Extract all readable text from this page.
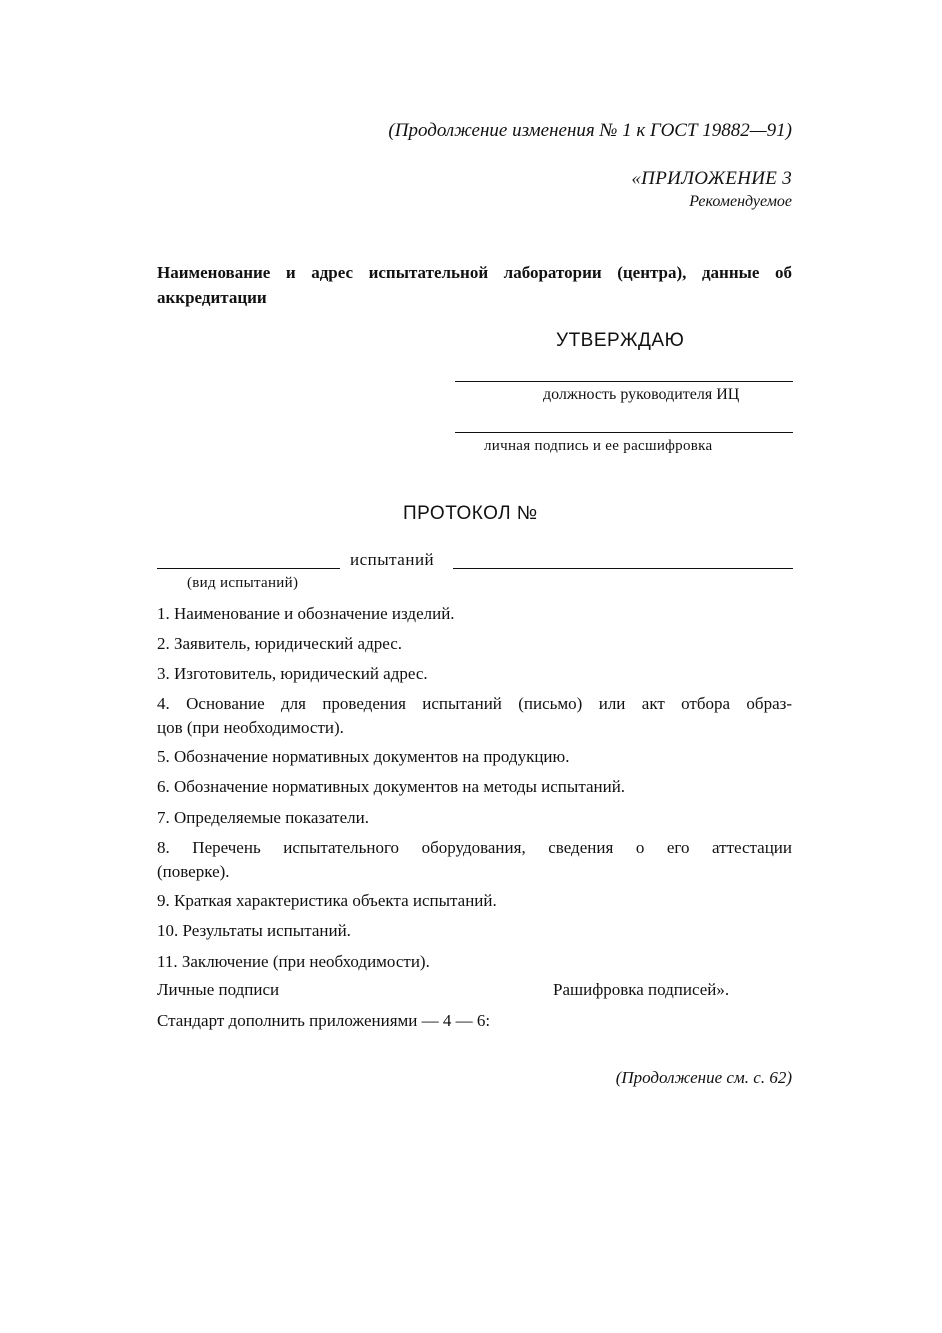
(Продолжение изменения № 1 к ГОСТ 19882—91)
«ПРИЛОЖЕНИЕ 3
Рекомендуемое
Наименование и адрес испытательной лаборатории (центра), данные об аккредитации
УТВЕРЖДАЮ
должность руководителя ИЦ
личная подпись и ее расшифровка
ПРОТОКОЛ №
испытаний
(вид испытаний)
1. Наименование и обозначение изделий.
2. Заявитель, юридический адрес.
3. Изготовитель, юридический адрес.
4. Основание для проведения испытаний (письмо) или акт отбора образ-
цов (при необходимости).
5. Обозначение нормативных документов на продукцию.
6. Обозначение нормативных документов на методы испытаний.
7. Определяемые показатели.
8. Перечень испытательного оборудования, сведения о его аттестации
(поверке).
9. Краткая характеристика объекта испытаний.
10. Результаты испытаний.
11. Заключение (при необходимости).
Личные подписи	Рашифровка подписей».
Стандарт дополнить приложениями — 4 — 6:
(Продолжение см. с. 62)
